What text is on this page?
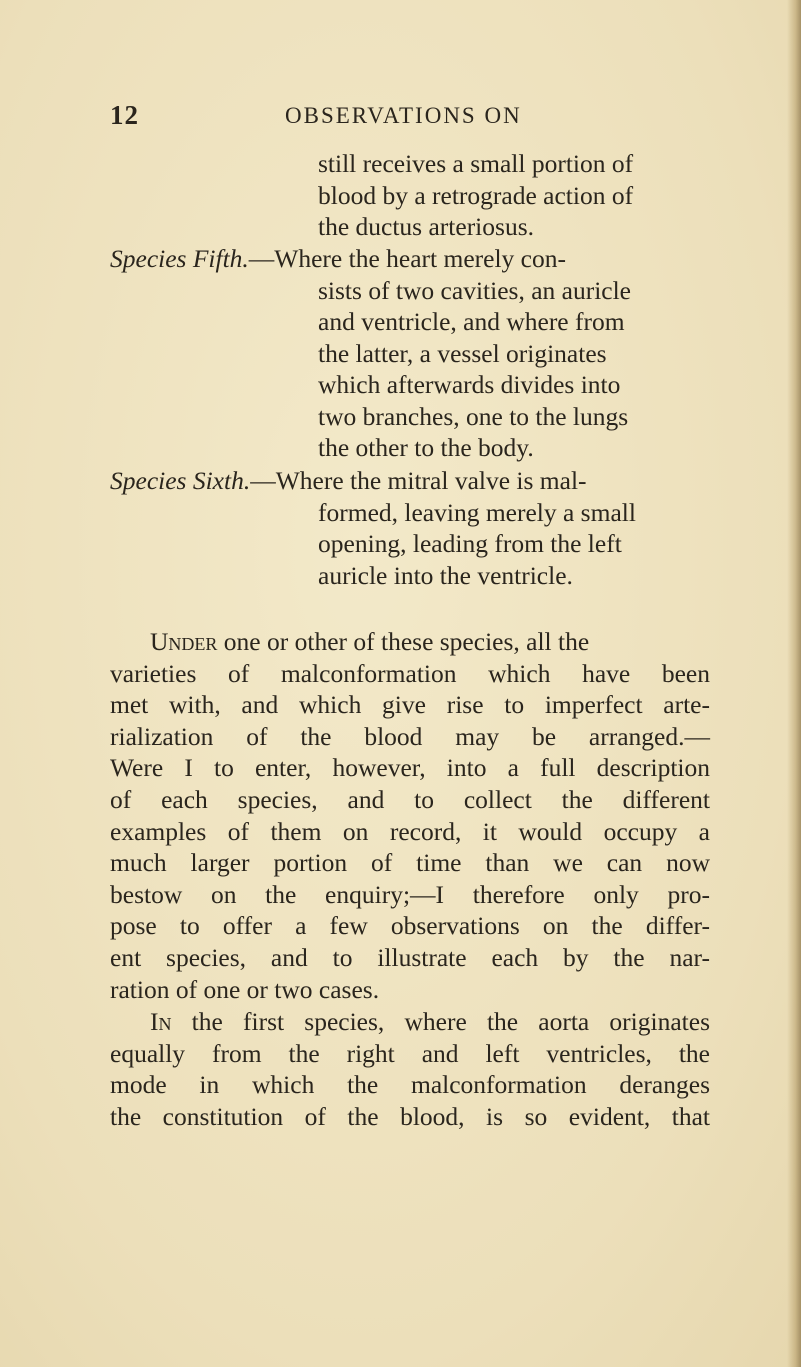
12	OBSERVATIONS ON
still receives a small portion of
blood by a retrograde action of
the ductus arteriosus.
Species Fifth.—Where the heart merely con-
sists of two cavities, an auricle
and ventricle, and where from
the latter, a vessel originates
which afterwards divides into
two branches, one to the lungs
the other to the body.
Species Sixth.—Where the mitral valve is mal-
formed, leaving merely a small
opening, leading from the left
auricle into the ventricle.
Under one or other of these species, all the
varieties of malconformation which have been
met with, and which give rise to imperfect arte-
rialization of the blood may be arranged.—
Were I to enter, however, into a full description
of each species, and to collect the different
examples of them on record, it would occupy a
much larger portion of time than we can now
bestow on the enquiry;—I therefore only pro-
pose to offer a few observations on the differ-
ent species, and to illustrate each by the nar-
ration of one or two cases.
In the first species, where the aorta originates
equally from the right and left ventricles, the
mode in which the malconformation deranges
the constitution of the blood, is so evident, that
